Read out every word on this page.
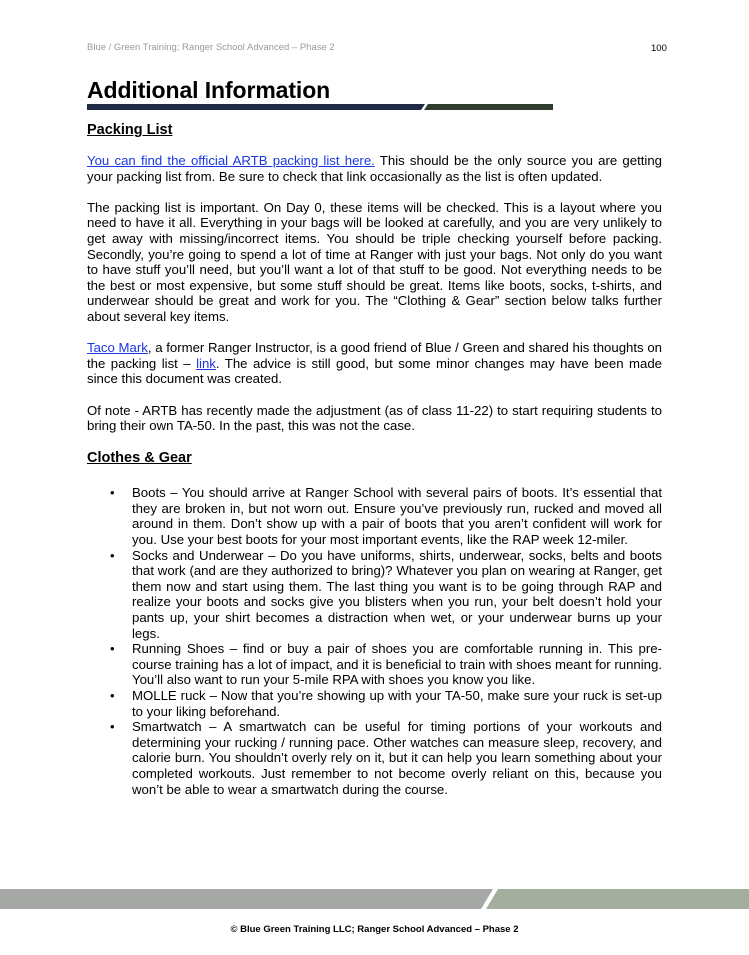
Blue / Green Training; Ranger School Advanced – Phase 2	100
Additional Information
Packing List

You can find the official ARTB packing list here. This should be the only source you are getting your packing list from. Be sure to check that link occasionally as the list is often updated.

The packing list is important. On Day 0, these items will be checked. This is a layout where you need to have it all. Everything in your bags will be looked at carefully, and you are very unlikely to get away with missing/incorrect items. You should be triple checking yourself before packing. Secondly, you’re going to spend a lot of time at Ranger with just your bags. Not only do you want to have stuff you’ll need, but you’ll want a lot of that stuff to be good. Not everything needs to be the best or most expensive, but some stuff should be great. Items like boots, socks, t-shirts, and underwear should be great and work for you. The “Clothing & Gear” section below talks further about several key items.

Taco Mark, a former Ranger Instructor, is a good friend of Blue / Green and shared his thoughts on the packing list – link. The advice is still good, but some minor changes may have been made since this document was created.

Of note - ARTB has recently made the adjustment (as of class 11-22) to start requiring students to bring their own TA-50. In the past, this was not the case.

Clothes & Gear
• Boots – You should arrive at Ranger School with several pairs of boots. It’s essential that they are broken in, but not worn out. Ensure you’ve previously run, rucked and moved all around in them. Don’t show up with a pair of boots that you aren’t confident will work for you. Use your best boots for your most important events, like the RAP week 12-miler.
• Socks and Underwear – Do you have uniforms, shirts, underwear, socks, belts and boots that work (and are they authorized to bring)? Whatever you plan on wearing at Ranger, get them now and start using them. The last thing you want is to be going through RAP and realize your boots and socks give you blisters when you run, your belt doesn’t hold your pants up, your shirt becomes a distraction when wet, or your underwear burns up your legs.
• Running Shoes – find or buy a pair of shoes you are comfortable running in. This pre-course training has a lot of impact, and it is beneficial to train with shoes meant for running. You’ll also want to run your 5-mile RPA with shoes you know you like.
• MOLLE ruck – Now that you’re showing up with your TA-50, make sure your ruck is set-up to your liking beforehand.
• Smartwatch – A smartwatch can be useful for timing portions of your workouts and determining your rucking / running pace. Other watches can measure sleep, recovery, and calorie burn. You shouldn’t overly rely on it, but it can help you learn something about your completed workouts. Just remember to not become overly reliant on this, because you won’t be able to wear a smartwatch during the course.
© Blue Green Training LLC; Ranger School Advanced – Phase 2
